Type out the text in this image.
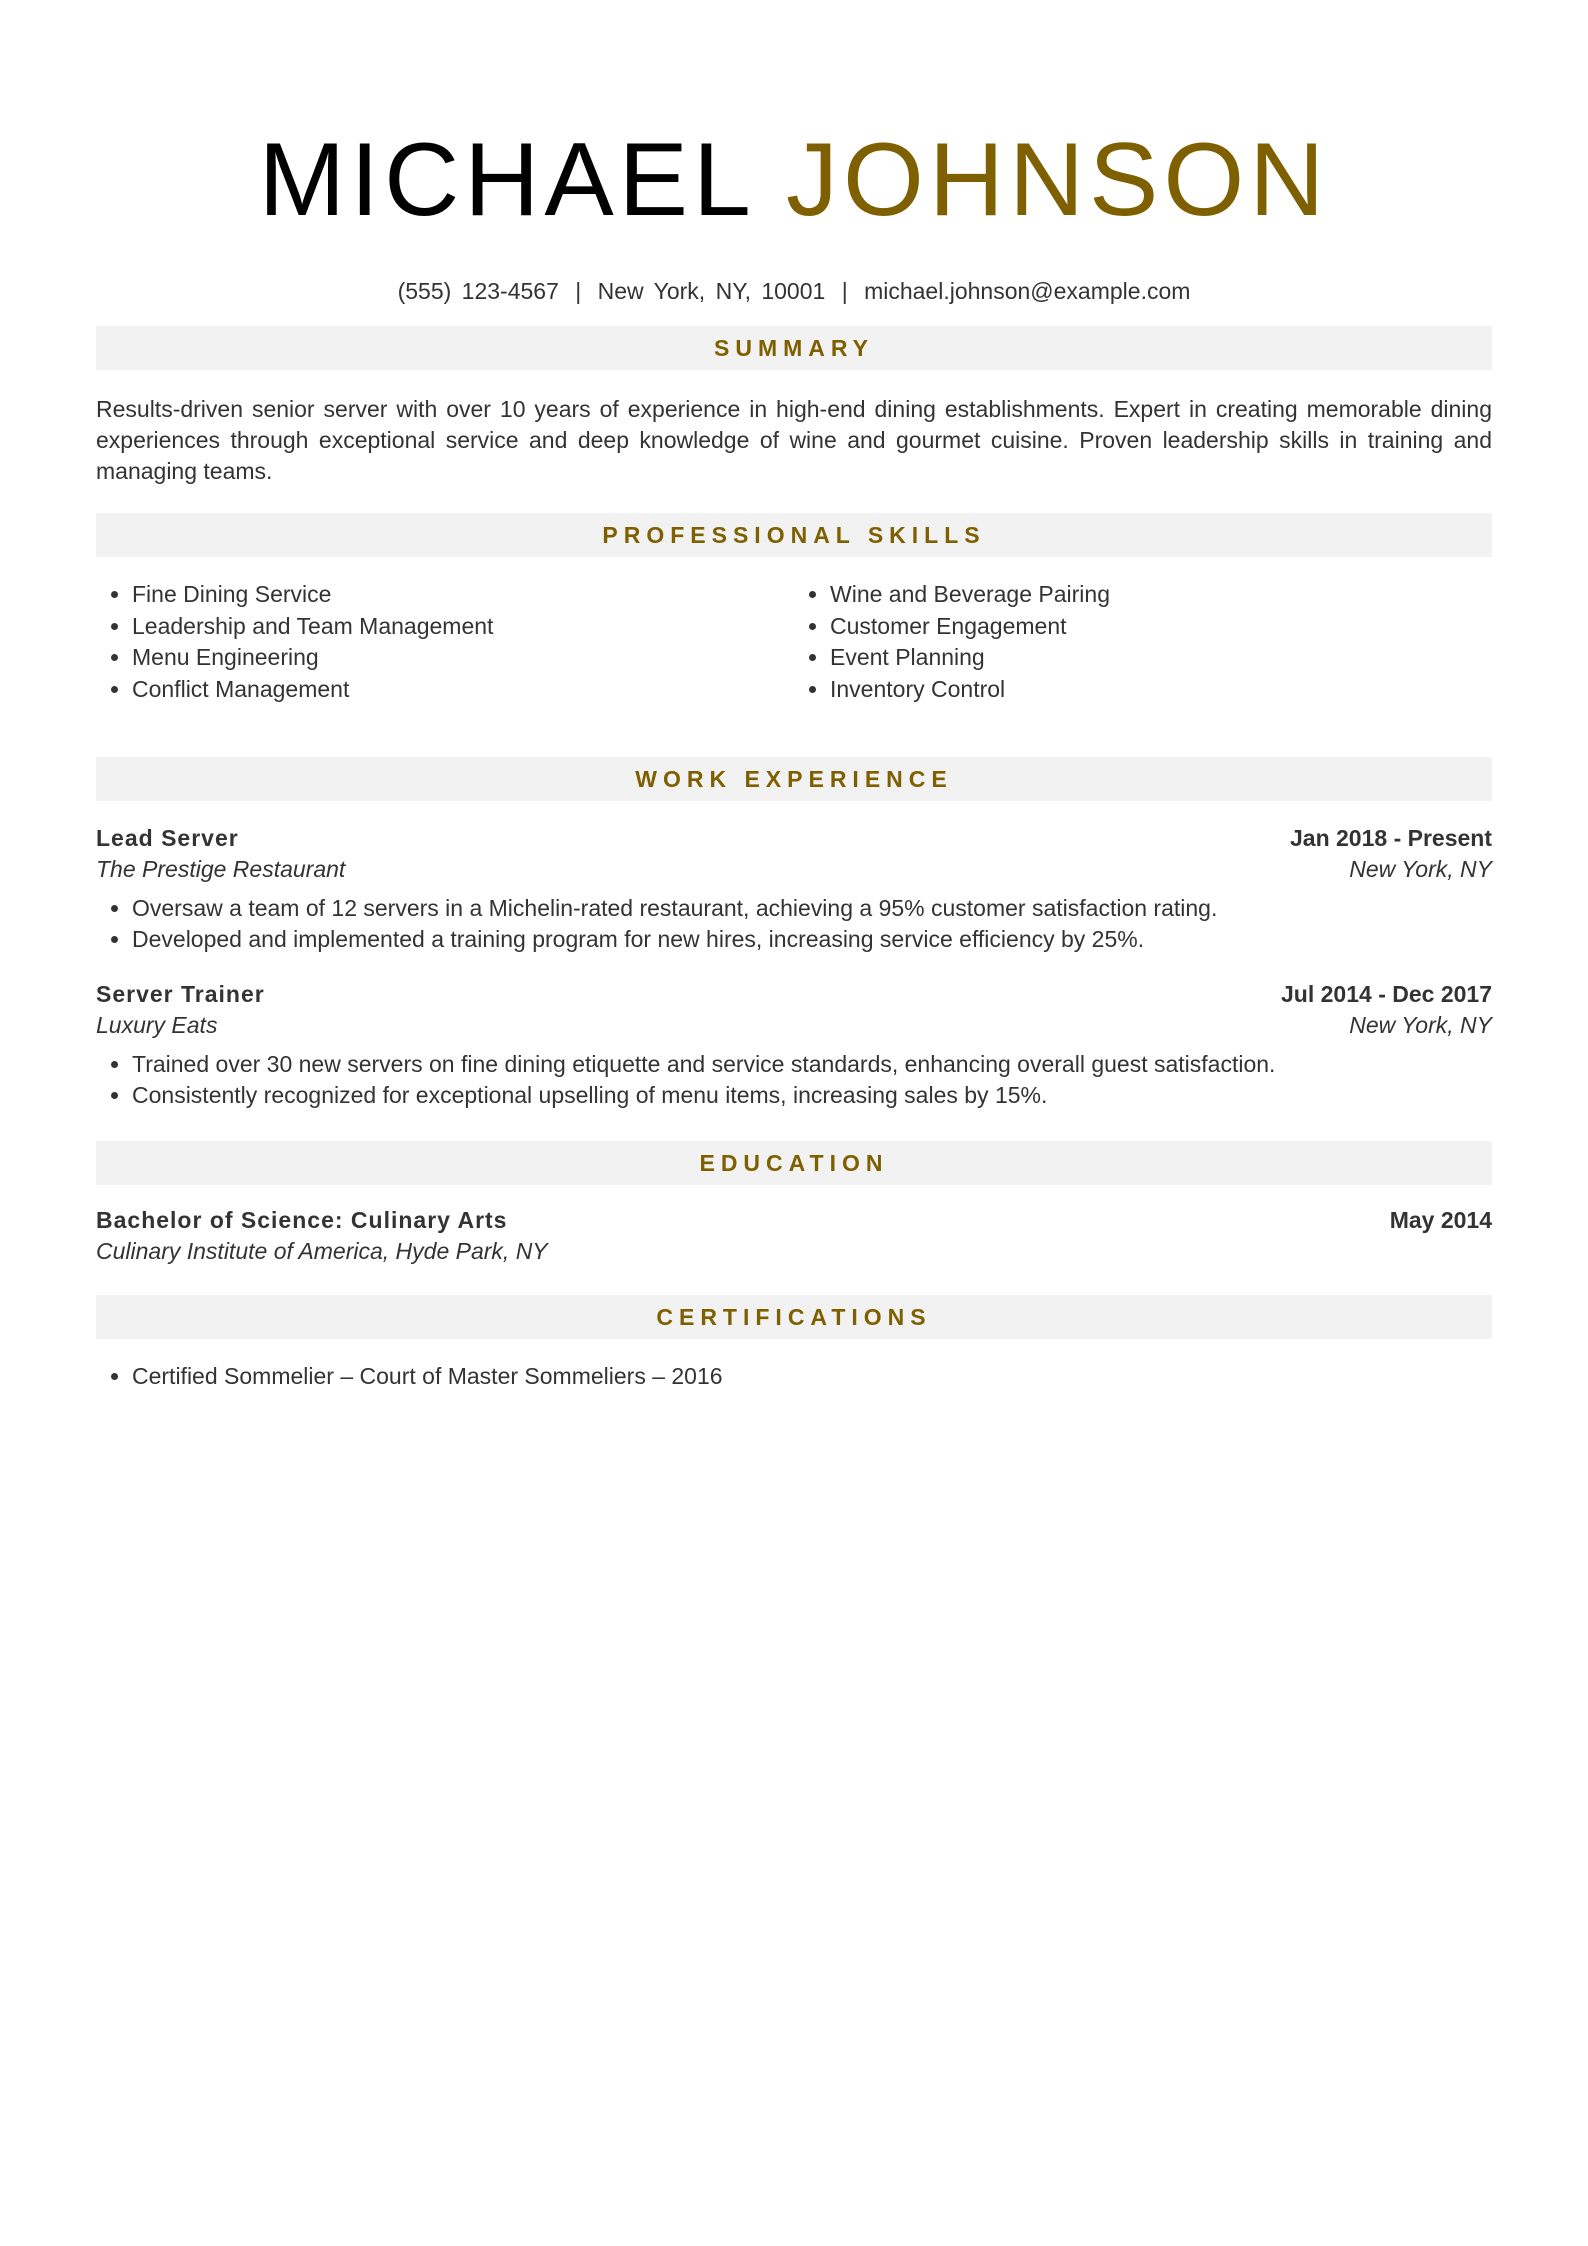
MICHAEL JOHNSON
(555) 123-4567 | New York, NY, 10001 | michael.johnson@example.com
SUMMARY

Results-driven senior server with over 10 years of experience in high-end dining establishments. Expert in creating memorable dining experiences through exceptional service and deep knowledge of wine and gourmet cuisine. Proven leadership skills in training and managing teams.

PROFESSIONAL SKILLS
• Fine Dining Service
• Leadership and Team Management
• Menu Engineering
• Conflict Management
• Wine and Beverage Pairing
• Customer Engagement
• Event Planning
• Inventory Control
WORK EXPERIENCE
Lead Server	Jan 2018 - Present
The Prestige Restaurant	New York, NY
• Oversaw a team of 12 servers in a Michelin-rated restaurant, achieving a 95% customer satisfaction rating.
• Developed and implemented a training program for new hires, increasing service efficiency by 25%.
Server Trainer	Jul 2014 - Dec 2017
Luxury Eats	New York, NY
• Trained over 30 new servers on fine dining etiquette and service standards, enhancing overall guest satisfaction.
• Consistently recognized for exceptional upselling of menu items, increasing sales by 15%.
EDUCATION
Bachelor of Science: Culinary Arts	May 2014
Culinary Institute of America, Hyde Park, NY
CERTIFICATIONS
• Certified Sommelier – Court of Master Sommeliers – 2016
